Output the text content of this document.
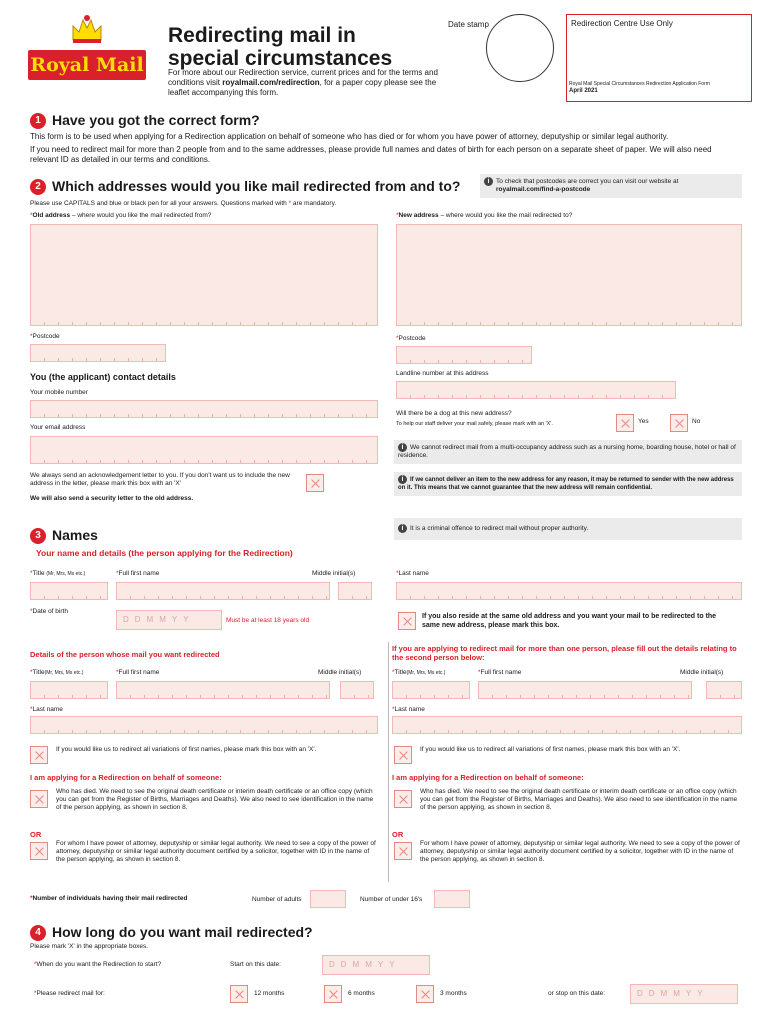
Royal Mail
Redirecting mail in
special circumstances
For more about our Redirection service, current prices and for the terms and conditions visit royalmail.com/redirection, for a paper copy please see the leaflet accompanying this form.
Date stamp	Redirection Centre Use Only
Royal Mail Special Circumstances Redirection Application Form
April 2021
1 Have you got the correct form?
This form is to be used when applying for a Redirection application on behalf of someone who has died or for whom you have power of attorney, deputyship or similar legal authority.
If you need to redirect mail for more than 2 people from and to the same addresses, please provide full names and dates of birth for each person on a separate sheet of paper. We will also need relevant ID as detailed in our terms and conditions.
2 Which addresses would you like mail redirected from and to?	i To check that postcodes are correct you can visit our website at
royalmail.com/find-a-postcode
Please use CAPITALS and blue or black pen for all your answers. Questions marked with * are mandatory.
*Old address – where would you like the mail redirected from?	*New address – where would you like the mail redirected to?
*Postcode	*Postcode
You (the applicant) contact details
Your mobile number
Your email address
Landline number at this address
Will there be a dog at this new address?
To help our staff deliver your mail safely, please mark with an 'X'.	Yes	No
i We cannot redirect mail from a multi-occupancy address such as a nursing home, boarding house, hotel or hall of residence.
We always send an acknowledgement letter to you. If you don't want us to include the new address in the letter, please mark this box with an 'X'
We will also send a security letter to the old address.
i If we cannot deliver an item to the new address for any reason, it may be returned to sender with the new address on it. This means that we cannot guarantee that the new address will remain confidential.
i It is a criminal offence to redirect mail without proper authority.
3 Names
Your name and details (the person applying for the Redirection)
*Title (Mr, Mrs, Ms etc.)	*Full first name	Middle initial(s)	*Last name
*Date of birth
DDMMYY	Must be at least 18 years old
If you also reside at the same old address and you want your mail to be redirected to the same new address, please mark this box.
Details of the person whose mail you want redirected
If you are applying to redirect mail for more than one person, please fill out the details relating to the second person below:
*Title(Mr, Mrs, Ms etc.)	*Full first name	Middle initial(s)
*Last name
If you would like us to redirect all variations of first names, please mark this box with an 'X'.
I am applying for a Redirection on behalf of someone:
Who has died. We need to see the original death certificate or interim death certificate or an office copy (which you can get from the Register of Births, Marriages and Deaths). We also need to see identification in the name of the person applying, as shown in section 8.
OR
For whom I have power of attorney, deputyship or similar legal authority. We need to see a copy of the power of attorney, deputyship or similar legal authority document certified by a solicitor, together with ID in the name of the person applying, as shown in section 8.
*Title(Mr, Mrs, Ms etc.)	*Full first name	Middle initial(s)
*Last name
If you would like us to redirect all variations of first names, please mark this box with an 'X'.
I am applying for a Redirection on behalf of someone:
Who has died. We need to see the original death certificate or interim death certificate or an office copy (which you can get from the Register of Births, Marriages and Deaths). We also need to see identification in the name of the person applying, as shown in section 8.
OR
For whom I have power of attorney, deputyship or similar legal authority. We need to see a copy of the power of attorney, deputyship or similar legal authority document certified by a solicitor, together with ID in the name of the person applying, as shown in section 8.
*Number of individuals having their mail redirected	Number of adults	Number of under 16's
4 How long do you want mail redirected?
Please mark 'X' in the appropriate boxes.
*When do you want the Redirection to start?	Start on this date:	DDMMYY
*Please redirect mail for:	12 months	6 months	3 months	or stop on this date:	DDMMYY
